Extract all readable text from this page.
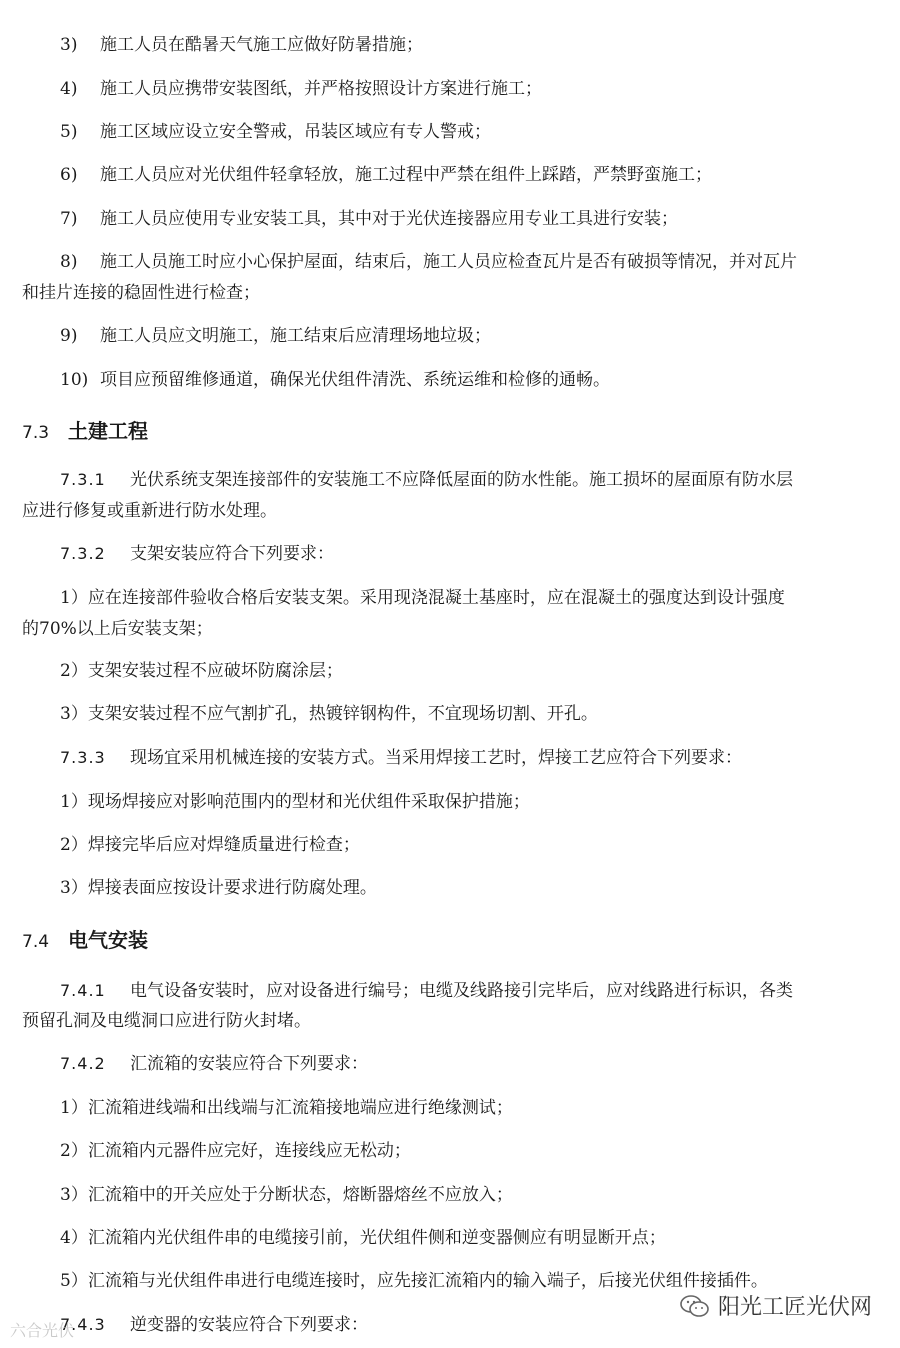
3) 施工人员在酷暑天气施工应做好防暑措施；
4) 施工人员应携带安装图纸，并严格按照设计方案进行施工；
5) 施工区域应设立安全警戒，吊装区域应有专人警戒；
6) 施工人员应对光伏组件轻拿轻放，施工过程中严禁在组件上踩踏，严禁野蛮施工；
7) 施工人员应使用专业安装工具，其中对于光伏连接器应用专业工具进行安装；
8) 施工人员施工时应小心保护屋面，结束后，施工人员应检查瓦片是否有破损等情况，并对瓦片
和挂片连接的稳固性进行检查；
9) 施工人员应文明施工，施工结束后应清理场地垃圾；
10) 项目应预留维修通道，确保光伏组件清洗、系统运维和检修的通畅。
7.3 土建工程
7.3.1 光伏系统支架连接部件的安装施工不应降低屋面的防水性能。施工损坏的屋面原有防水层
应进行修复或重新进行防水处理。
7.3.2 支架安装应符合下列要求：
1）应在连接部件验收合格后安装支架。采用现浇混凝土基座时，应在混凝土的强度达到设计强度
的70%以上后安装支架；
2）支架安装过程不应破坏防腐涂层；
3）支架安装过程不应气割扩孔，热镀锌钢构件，不宜现场切割、开孔。
7.3.3 现场宜采用机械连接的安装方式。当采用焊接工艺时，焊接工艺应符合下列要求：
1）现场焊接应对影响范围内的型材和光伏组件采取保护措施；
2）焊接完毕后应对焊缝质量进行检查；
3）焊接表面应按设计要求进行防腐处理。
7.4 电气安装
7.4.1 电气设备安装时，应对设备进行编号；电缆及线路接引完毕后，应对线路进行标识，各类
预留孔洞及电缆洞口应进行防火封堵。
7.4.2 汇流箱的安装应符合下列要求：
1）汇流箱进线端和出线端与汇流箱接地端应进行绝缘测试；
2）汇流箱内元器件应完好，连接线应无松动；
3）汇流箱中的开关应处于分断状态，熔断器熔丝不应放入；
4）汇流箱内光伏组件串的电缆接引前，光伏组件侧和逆变器侧应有明显断开点；
5）汇流箱与光伏组件串进行电缆连接时，应先接汇流箱内的输入端子，后接光伏组件接插件。
7.4.3 逆变器的安装应符合下列要求：
六合光伏
阳光工匠光伏网
